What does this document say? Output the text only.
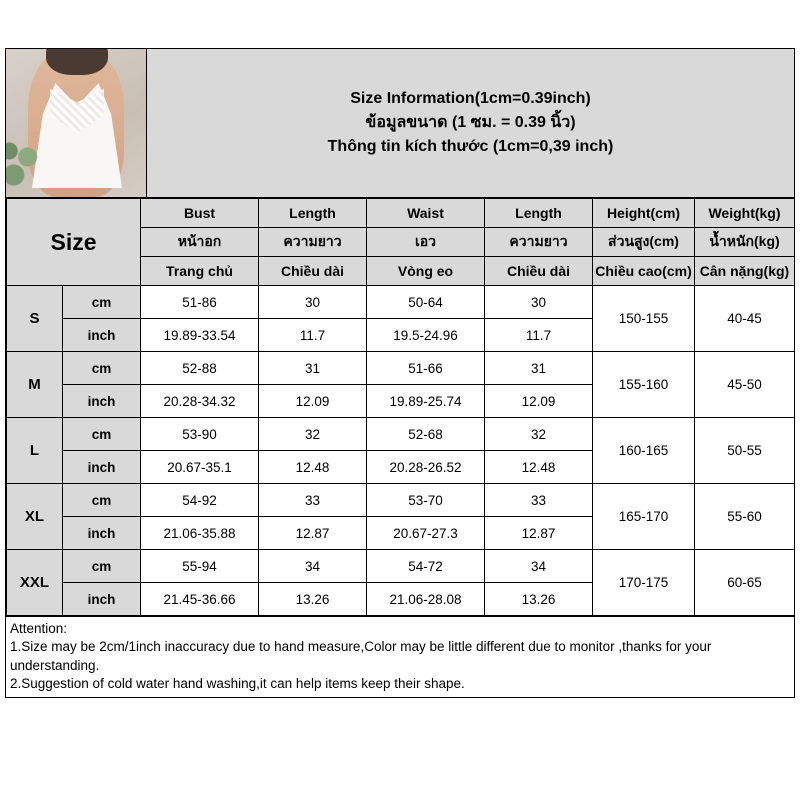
Size Information(1cm=0.39inch)
ข้อมูลขนาด (1 ซม. = 0.39 นิ้ว)
Thông tin kích thước (1cm=0,39 inch)
Size		Bust	Length	Waist	Length	Height(cm)	Weight(kg)
		หน้าอก	ความยาว	เอว	ความยาว	ส่วนสูง(cm)	น้ำหนัก(kg)
		Trang chủ	Chiều dài	Vòng eo	Chiều dài	Chiều cao(cm)	Cân nặng(kg)
S	cm	51-86	30	50-64	30	150-155	40-45
	inch	19.89-33.54	11.7	19.5-24.96	11.7		
M	cm	52-88	31	51-66	31	155-160	45-50
	inch	20.28-34.32	12.09	19.89-25.74	12.09		
L	cm	53-90	32	52-68	32	160-165	50-55
	inch	20.67-35.1	12.48	20.28-26.52	12.48		
XL	cm	54-92	33	53-70	33	165-170	55-60
	inch	21.06-35.88	12.87	20.67-27.3	12.87		
XXL	cm	55-94	34	54-72	34	170-175	60-65
	inch	21.45-36.66	13.26	21.06-28.08	13.26		

Attention:

1.Size may be 2cm/1inch inaccuracy due to hand measure,Color may be little different due to monitor ,thanks for your understanding.

2.Suggestion of cold water hand washing,it can help items keep their shape.
